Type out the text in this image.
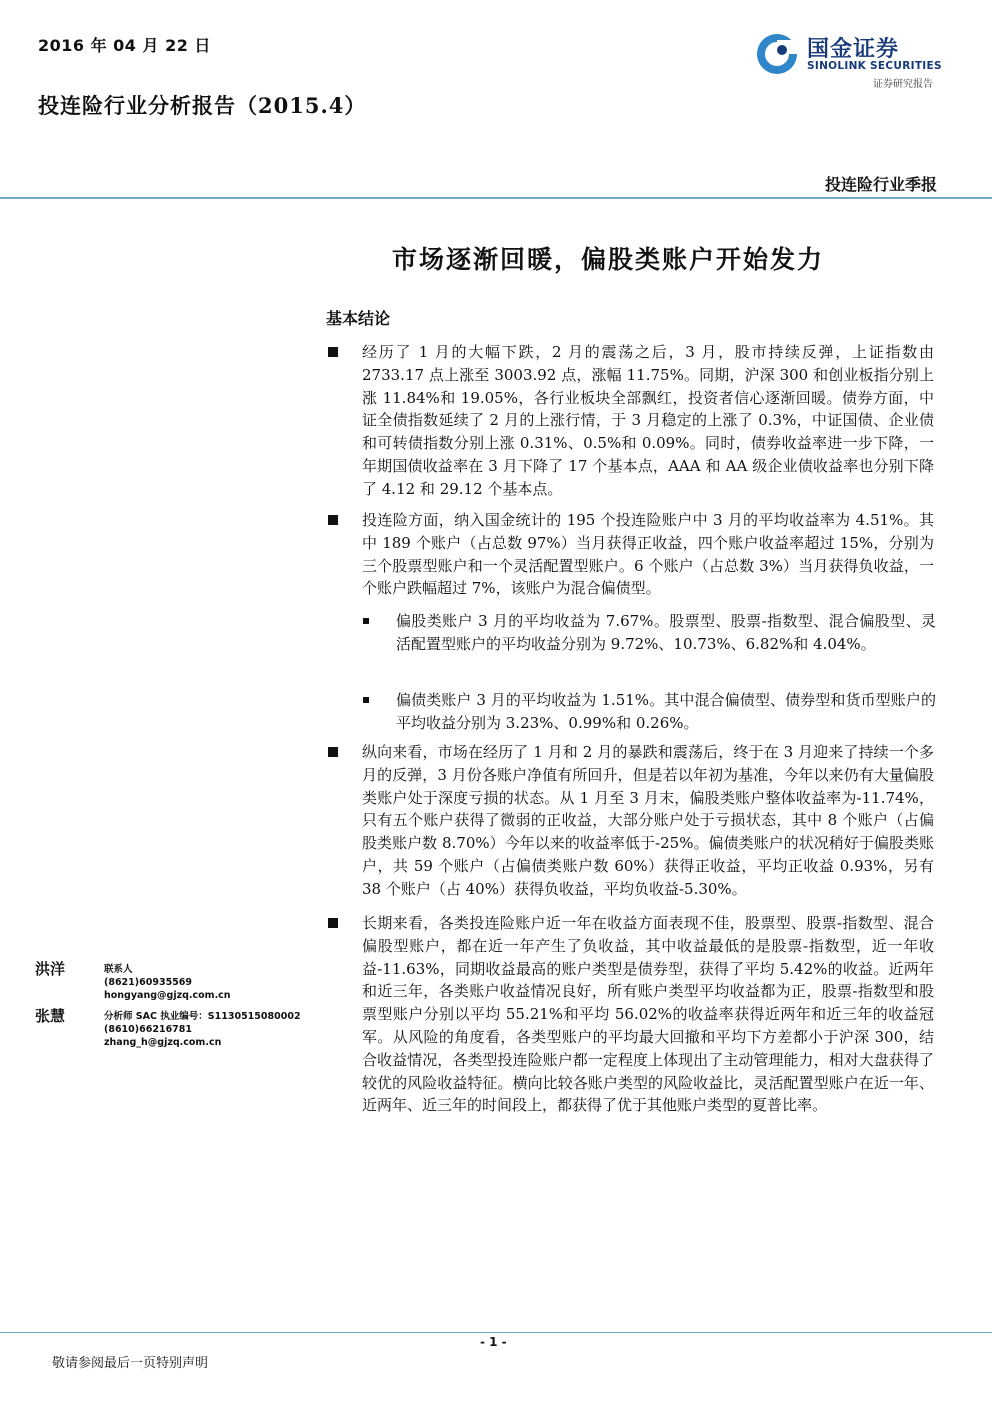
2016 年 04 月 22 日	国金证券
SINOLINK SECURITIES
证券研究报告
投连险行业分析报告（2015.4）
投连险行业季报
市场逐渐回暖，偏股类账户开始发力
基本结论
经历了 1 月的大幅下跌，2 月的震荡之后，3 月，股市持续反弹，上证指数由 2733.17 点上涨至 3003.92 点，涨幅 11.75%。同期，沪深 300 和创业板指分别上涨 11.84%和 19.05%，各行业板块全部飘红，投资者信心逐渐回暖。债券方面，中证全债指数延续了 2 月的上涨行情，于 3 月稳定的上涨了 0.3%，中证国债、企业债和可转债指数分别上涨 0.31%、0.5%和 0.09%。同时，债券收益率进一步下降，一年期国债收益率在 3 月下降了 17 个基本点，AAA 和 AA 级企业债收益率也分别下降了 4.12 和 29.12 个基本点。
投连险方面，纳入国金统计的 195 个投连险账户中 3 月的平均收益率为 4.51%。其中 189 个账户（占总数 97%）当月获得正收益，四个账户收益率超过 15%，分别为三个股票型账户和一个灵活配置型账户。6 个账户（占总数 3%）当月获得负收益，一个账户跌幅超过 7%，该账户为混合偏债型。
偏股类账户 3 月的平均收益为 7.67%。股票型、股票-指数型、混合偏股型、灵活配置型账户的平均收益分别为 9.72%、10.73%、6.82%和 4.04%。
偏债类账户 3 月的平均收益为 1.51%。其中混合偏债型、债券型和货币型账户的平均收益分别为 3.23%、0.99%和 0.26%。
纵向来看，市场在经历了 1 月和 2 月的暴跌和震荡后，终于在 3 月迎来了持续一个多月的反弹，3 月份各账户净值有所回升，但是若以年初为基准，今年以来仍有大量偏股类账户处于深度亏损的状态。从 1 月至 3 月末，偏股类账户整体收益率为-11.74%，只有五个账户获得了微弱的正收益，大部分账户处于亏损状态，其中 8 个账户（占偏股类账户数 8.70%）今年以来的收益率低于-25%。偏债类账户的状况稍好于偏股类账户，共 59 个账户（占偏债类账户数 60%）获得正收益，平均正收益 0.93%，另有 38 个账户（占 40%）获得负收益，平均负收益-5.30%。
长期来看，各类投连险账户近一年在收益方面表现不佳，股票型、股票-指数型、混合偏股型账户，都在近一年产生了负收益，其中收益最低的是股票-指数型，近一年收益-11.63%，同期收益最高的账户类型是债券型，获得了平均 5.42%的收益。近两年和近三年，各类账户收益情况良好，所有账户类型平均收益都为正，股票-指数型和股票型账户分别以平均 55.21%和平均 56.02%的收益率获得近两年和近三年的收益冠军。从风险的角度看，各类型账户的平均最大回撤和平均下方差都小于沪深 300，结合收益情况，各类型投连险账户都一定程度上体现出了主动管理能力，相对大盘获得了较优的风险收益特征。横向比较各账户类型的风险收益比，灵活配置型账户在近一年、近两年、近三年的时间段上，都获得了优于其他账户类型的夏普比率。
洪洋	联系人
(8621)60935569
hongyang@gjzq.com.cn
张慧	分析师 SAC 执业编号：S1130515080002
(8610)66216781
zhang_h@gjzq.com.cn
- 1 -
敬请参阅最后一页特别声明
